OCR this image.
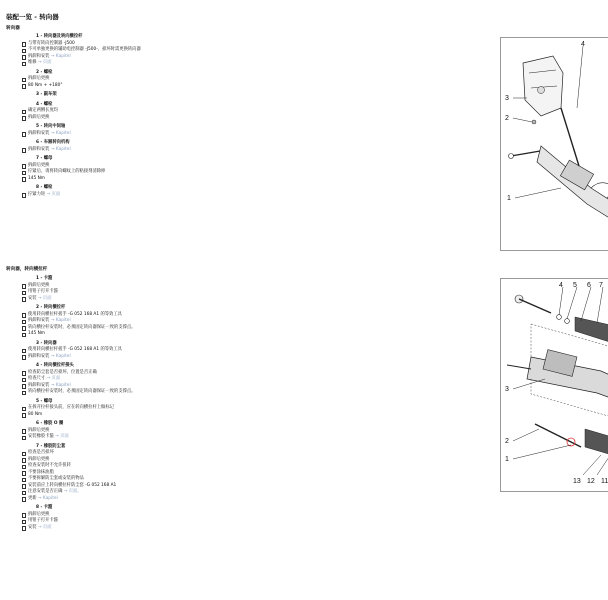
装配一览 - 转向器
转向器
1 - 转向器及转向横拉杆
与带有转向控制器 -J500
不可单独更换的辅助电控制器 -J500-，损坏时需更换转向器
拆卸和安装 → Kapitel
维修 → 页面
2 - 螺栓
拆卸后更换
80 Nm + +180°
3 - 副车架
4 - 螺栓
确定两侧长度均
拆卸后更换
5 - 转向中间轴
拆卸和安装 → Kapitel
6 - 车厢转向机构
拆卸和安装 → Kapitel
7 - 螺母
拆卸后更换
拧紧后，请将转向螺纹上的粘接剂清除掉
145 Nm
8 - 螺栓
拧紧力矩 → 页面
转向器，转向横拉杆
1 - 卡箍
拆卸后更换
用钳子打开卡箍
安装 → 页面
2 - 转向横拉杆
使用转向横拉杆扳手 -G 052 168 A1 的等效工具
拆卸和安装 → Kapitel
转向横拉杆安装时，必须固定转向器保证一致的支撑点。
145 Nm
3 - 转向器
使用转向横拉杆扳手 -G 052 168 A1 的等效工具
拆卸和安装 → Kapitel
4 - 转向横拉杆接头
检查防尘套是否损坏，位置是否正确
检查尺寸 → 页面
拆卸和安装 → Kapitel
转向横拉杆安装时，必须固定转向器保证一致的支撑点。
5 - 螺母
在拆开拉杆接头前，应在转向横拉杆上做标记
80 Nm
6 - 橡胶 O 圈
拆卸后更换
安装橡胶卡箍 → 页面
7 - 橡胶防尘套
检查是否损坏
拆卸后更换
检查安装时不允许扭转
不要涂抹油脂
不要拆解防尘套或安装的物品
安装前应上转向横拉杆防尘套 -G 052 168 A1
注意安装是否正确 → 页面。
更新 → Kapitel
8 - 卡箍
拆卸后更换
用钳子打开卡箍
安装 → 页面
4
3
2
1
4 5 6 7
3
2
1
13 12 11
